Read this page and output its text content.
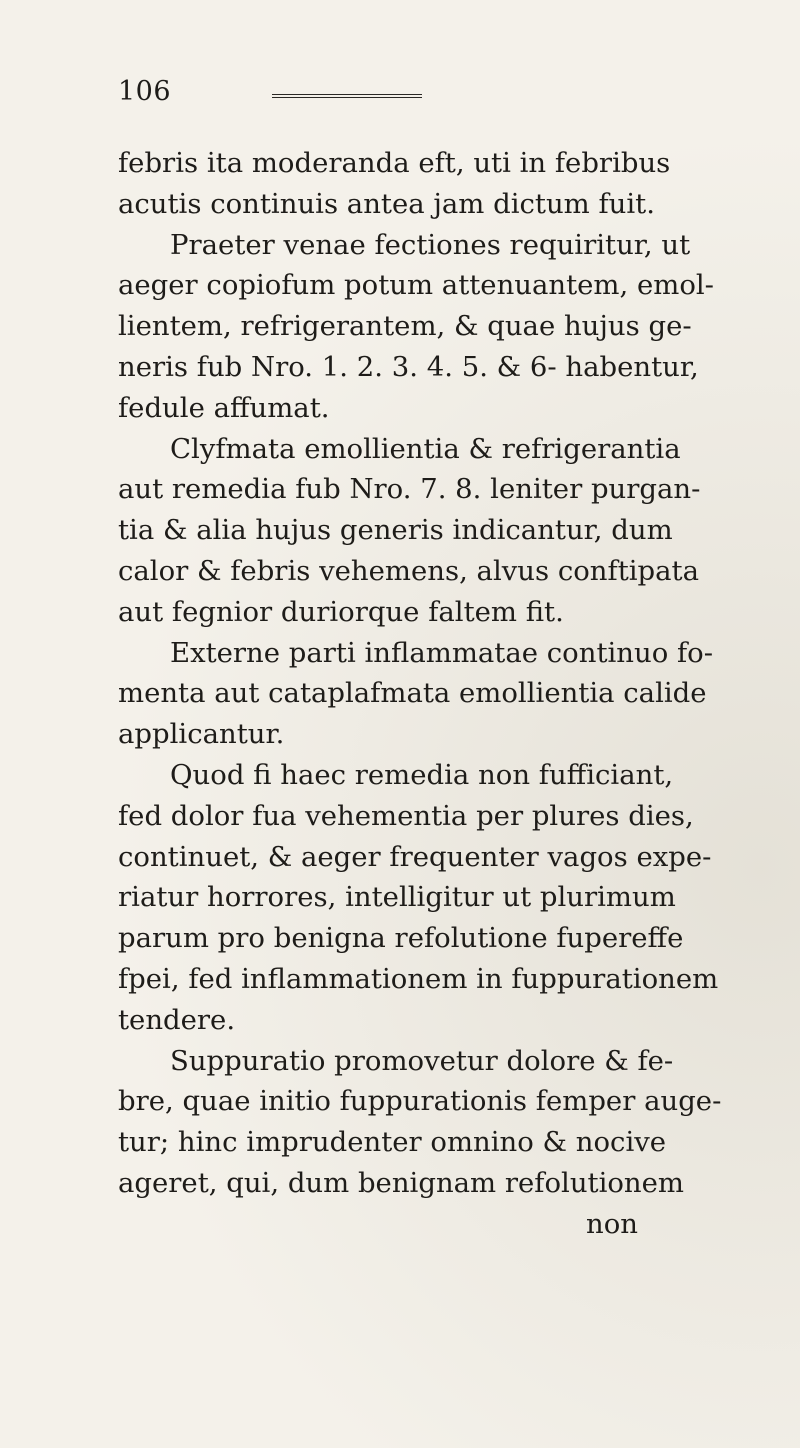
106
febris ita moderanda eft, uti in febribus
acutis continuis antea jam dictum fuit.
Praeter venae fectiones requiritur, ut
aeger copiofum potum attenuantem, emol-
lientem, refrigerantem, & quae hujus ge-
neris fub Nro. 1. 2. 3. 4. 5. & 6- habentur,
fedule affumat.
Clyfmata emollientia & refrigerantia
aut remedia fub Nro. 7. 8. leniter purgan-
tia & alia hujus generis indicantur, dum
calor & febris vehemens, alvus conftipata
aut fegnior duriorque faltem fit.
Externe parti inflammatae continuo fo-
menta aut cataplafmata emollientia calide
applicantur.
Quod fi haec remedia non fufficiant,
fed dolor fua vehementia per plures dies,
continuet, & aeger frequenter vagos expe-
riatur horrores, intelligitur ut plurimum
parum pro benigna refolutione fupereffe
fpei, fed inflammationem in fuppurationem
tendere.
Suppuratio promovetur dolore & fe-
bre, quae initio fuppurationis femper auge-
tur; hinc imprudenter omnino & nocive
ageret, qui, dum benignam refolutionem
non
